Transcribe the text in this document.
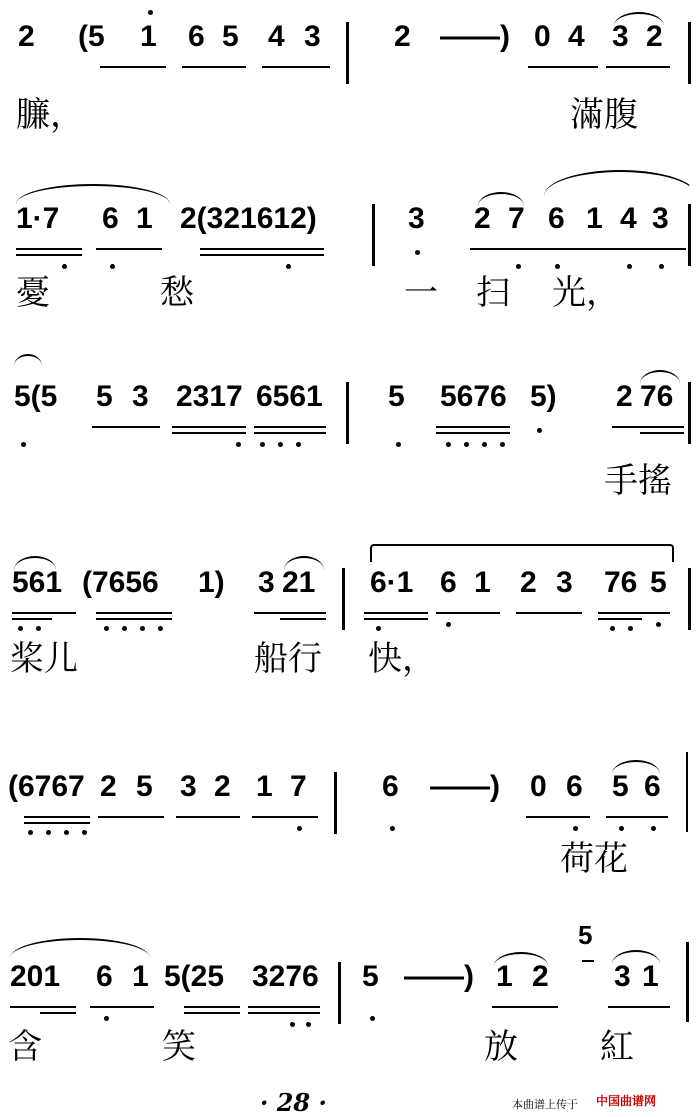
2 (5 1 6 5 4 3 2 ——) 0 4 3 2
臁，	滿腹
1·7 6 1 2(321612)	3 2 7 6 1 4 3
憂	愁	一 扫 光，
5(5 5 3 2317 6561 5 5676 5) 2 76
手搖
561 (7656 1) 3 21 6·1 6 1 2 3 76 5
桨儿	船行 快，
(6767 2 5 3 2 1 7	6 ——) 0 6 5 6
荷花
5
201 6 1 5(25 3276 5 ——) 1 2 3 1
含	笑	放 紅
· 28 ·	本曲谱上传于 中国曲谱网
